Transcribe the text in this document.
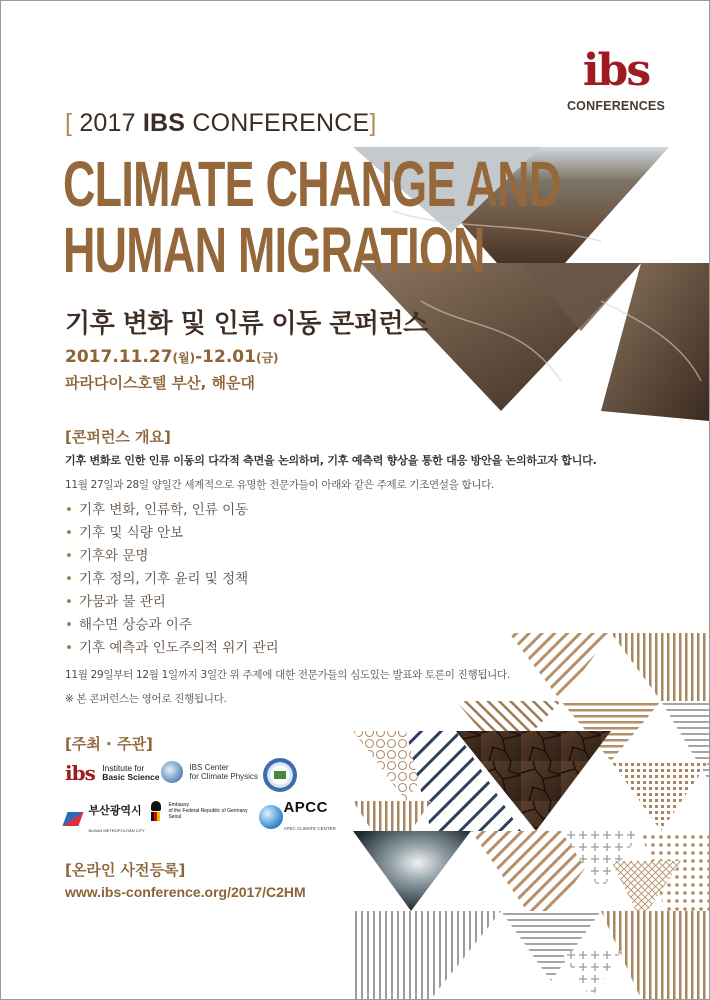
ibs
CONFERENCES
[ 2017 IBS CONFERENCE]
CLIMATE CHANGE AND
HUMAN MIGRATION
기후 변화 및 인류 이동 콘퍼런스
2017.11.27(월)-12.01(금)
파라다이스호텔 부산, 해운대
[콘퍼런스 개요]
기후 변화로 인한 인류 이동의 다각적 측면을 논의하며, 기후 예측력 향상을 통한 대응 방안을 논의하고자 합니다.
11월 27일과 28일 양일간 세계적으로 유명한 전문가들이 아래와 같은 주제로 기조연설을 합니다.
• 기후 변화, 인류학, 인류 이동
• 기후 및 식량 안보
• 기후와 문명
• 기후 정의, 기후 윤리 및 정책
• 가뭄과 물 관리
• 해수면 상승과 이주
• 기후 예측과 인도주의적 위기 관리
11월 29일부터 12월 1일까지 3일간 위 주제에 대한 전문가들의 심도있는 발표와 토론이 진행됩니다.
※ 본 콘퍼런스는 영어로 진행됩니다.
[주최 · 주관]
ibs Institute for
Basic Science
IBS Center
for Climate Physics
부산광역시
BUSAN METROPOLITAN CITY
Embassy
of the Federal Republic of Germany
Seoul
APCC
APEC CLIMATE CENTER
[온라인 사전등록]
www.ibs-conference.org/2017/C2HM
